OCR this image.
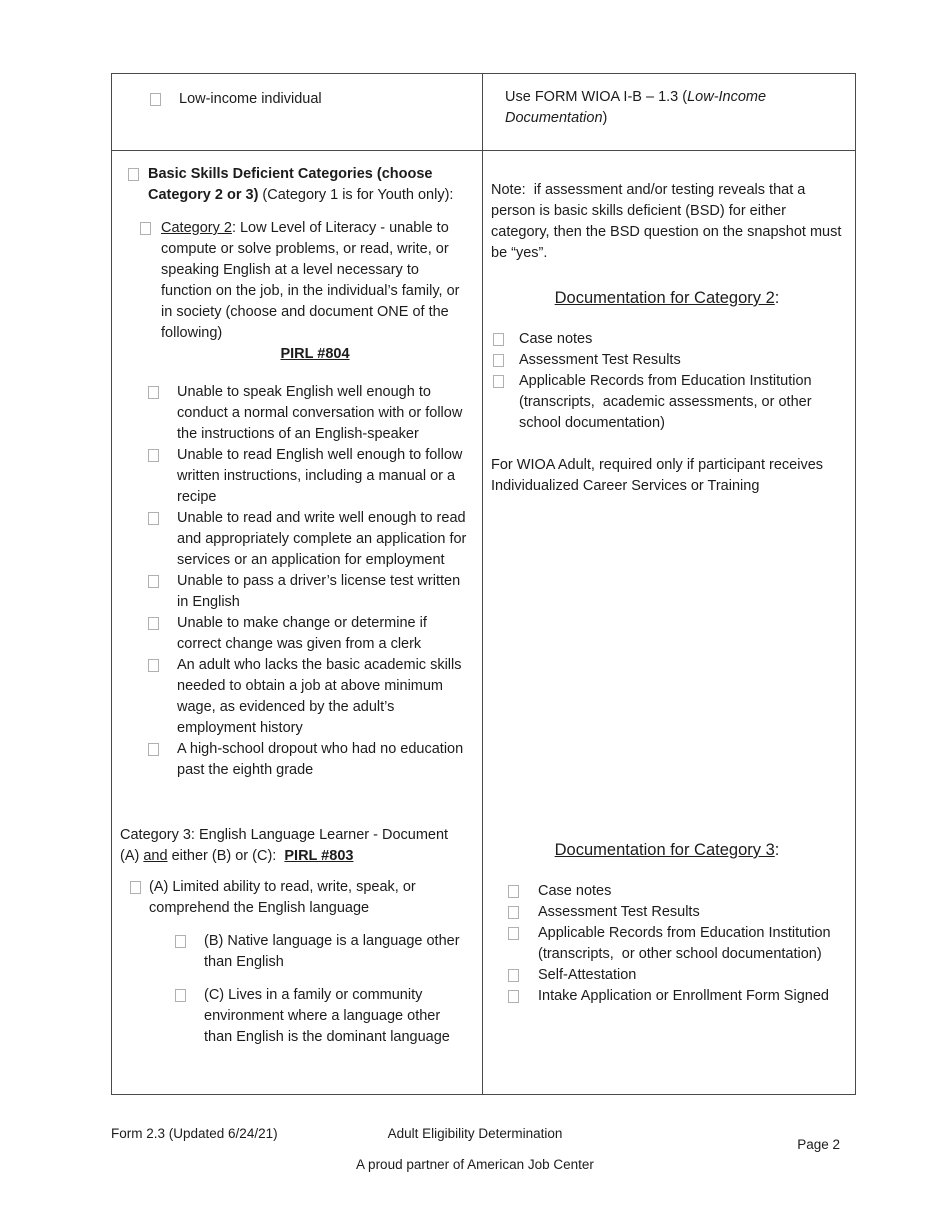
Low-income individual	Use FORM WIOA I-B – 1.3 (Low-Income Documentation)

Basic Skills Deficient Categories (choose Category 2 or 3) (Category 1 is for Youth only):
Category 2: Low Level of Literacy - unable to compute or solve problems, or read, write, or speaking English at a level necessary to function on the job, in the individual’s family, or in society (choose and document ONE of the following)
PIRL #804
Unable to speak English well enough to conduct a normal conversation with or follow the instructions of an English-speaker
Unable to read English well enough to follow written instructions, including a manual or a recipe
Unable to read and write well enough to read and appropriately complete an application for services or an application for employment
Unable to pass a driver’s license test written in English
Unable to make change or determine if correct change was given from a clerk
An adult who lacks the basic academic skills needed to obtain a job at above minimum wage, as evidenced by the adult’s employment history
A high-school dropout who had no education past the eighth grade

Category 3: English Language Learner - Document (A) and either (B) or (C):  PIRL #803

(A) Limited ability to read, write, speak, or comprehend the English language
(B) Native language is a language other than English
(C) Lives in a family or community environment where a language other than English is the dominant language

Note:  if assessment and/or testing reveals that a person is basic skills deficient (BSD) for either category, then the BSD question on the snapshot must be “yes”.

Documentation for Category 2:
Case notes
Assessment Test Results
Applicable Records from Education Institution (transcripts,  academic assessments, or other school documentation)

For WIOA Adult, required only if participant receives Individualized Career Services or Training

Documentation for Category 3:
Case notes
Assessment Test Results
Applicable Records from Education Institution (transcripts,  or other school documentation)
Self-Attestation
Intake Application or Enrollment Form Signed
Form 2.3 (Updated 6/24/21)	Adult Eligibility Determination
Page 2
A proud partner of American Job Center
